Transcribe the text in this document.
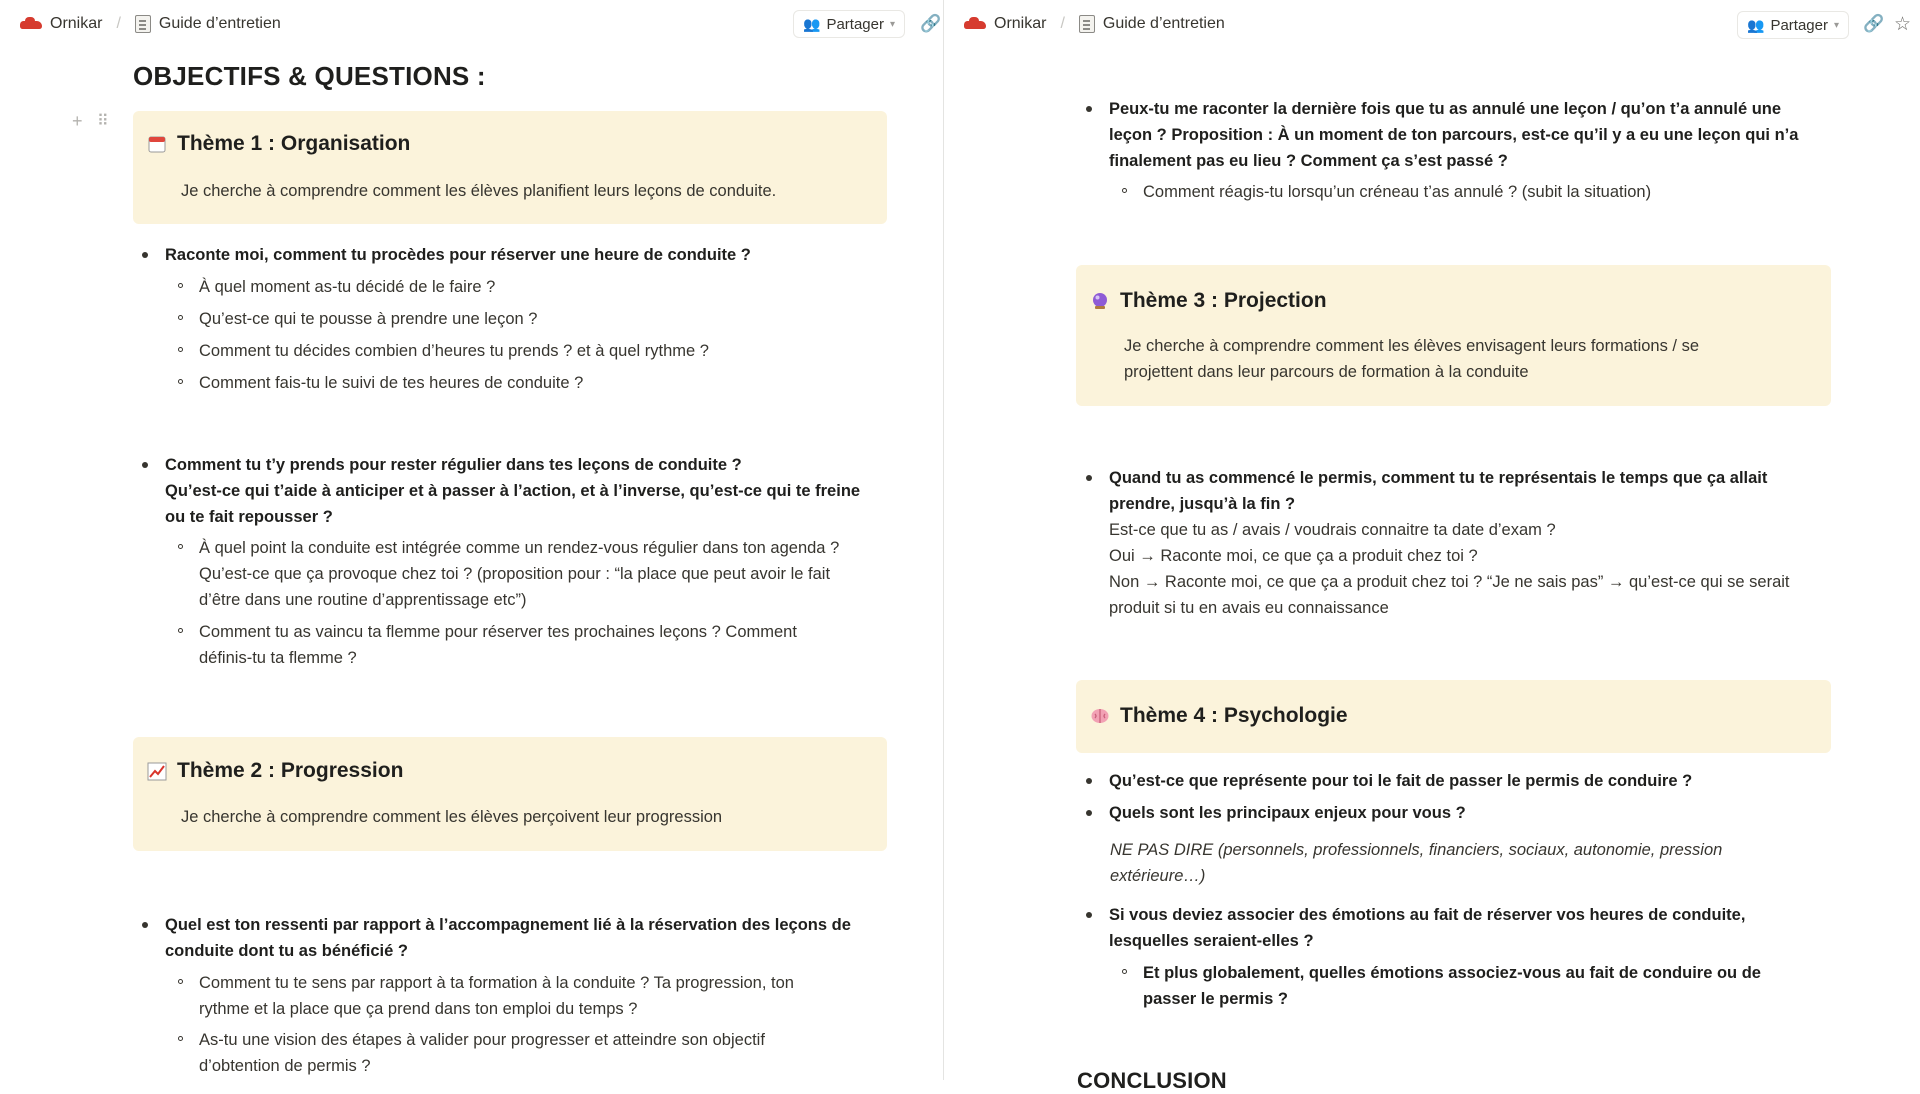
Ornikar / Guide d’entretien	👥 Partager ▾ 🔗
OBJECTIFS & QUESTIONS :
+ ⠿
Thème 1 : Organisation
Je cherche à comprendre comment les élèves planifient leurs leçons de conduite.
Raconte moi, comment tu procèdes pour réserver une heure de conduite ?
À quel moment as-tu décidé de le faire ?
Qu’est-ce qui te pousse à prendre une leçon ?
Comment tu décides combien d’heures tu prends ? et à quel rythme ?
Comment fais-tu le suivi de tes heures de conduite ?
Comment tu t’y prends pour rester régulier dans tes leçons de conduite ?
Qu’est-ce qui t’aide à anticiper et à passer à l’action, et à l’inverse, qu’est-ce qui te freine
ou te fait repousser ?
À quel point la conduite est intégrée comme un rendez-vous régulier dans ton agenda ?
Qu’est-ce que ça provoque chez toi ? (proposition pour : “la place que peut avoir le fait
d’être dans une routine d’apprentissage etc”)
Comment tu as vaincu ta flemme pour réserver tes prochaines leçons ? Comment
définis-tu ta flemme ?
Thème 2 : Progression
Je cherche à comprendre comment les élèves perçoivent leur progression
Quel est ton ressenti par rapport à l’accompagnement lié à la réservation des leçons de
conduite dont tu as bénéficié ?
Comment tu te sens par rapport à ta formation à la conduite ? Ta progression, ton
rythme et la place que ça prend dans ton emploi du temps ?
As-tu une vision des étapes à valider pour progresser et atteindre son objectif
d’obtention de permis ?
Ornikar / Guide d’entretien	👥 Partager ▾ 🔗 ☆
Peux-tu me raconter la dernière fois que tu as annulé une leçon / qu’on t’a annulé une
leçon ? Proposition : À un moment de ton parcours, est-ce qu’il y a eu une leçon qui n’a
finalement pas eu lieu ? Comment ça s’est passé ?
Comment réagis-tu lorsqu’un créneau t’as annulé ? (subit la situation)
Thème 3 : Projection
Je cherche à comprendre comment les élèves envisagent leurs formations / se
projettent dans leur parcours de formation à la conduite
Quand tu as commencé le permis, comment tu te représentais le temps que ça allait
prendre, jusqu’à la fin ?
Est-ce que tu as / avais / voudrais connaitre ta date d’exam ?
Oui → Raconte moi, ce que ça a produit chez toi ?
Non → Raconte moi, ce que ça a produit chez toi ? “Je ne sais pas” → qu’est-ce qui se serait
produit si tu en avais eu connaissance
Thème 4 : Psychologie
Qu’est-ce que représente pour toi le fait de passer le permis de conduire ?
Quels sont les principaux enjeux pour vous ?
NE PAS DIRE (personnels, professionnels, financiers, sociaux, autonomie, pression
extérieure…)
Si vous deviez associer des émotions au fait de réserver vos heures de conduite,
lesquelles seraient-elles ?
Et plus globalement, quelles émotions associez-vous au fait de conduire ou de
passer le permis ?
CONCLUSION
